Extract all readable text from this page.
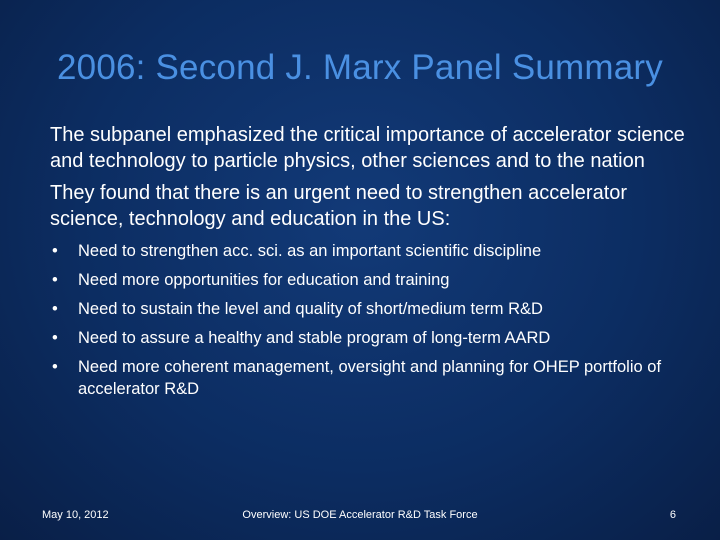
2006: Second J. Marx Panel Summary

The subpanel emphasized the critical importance of accelerator science and technology to particle physics, other sciences and to the nation

They found that there is an urgent need to strengthen accelerator science, technology and education in the US:

• Need to strengthen acc. sci. as an important scientific discipline
• Need more opportunities for education and training
• Need to sustain the level and quality of short/medium term R&D
• Need to assure a healthy and stable program of long-term AARD
• Need more coherent management, oversight and planning for OHEP portfolio of accelerator R&D
May 10, 2012	Overview: US DOE Accelerator R&D Task Force	6
